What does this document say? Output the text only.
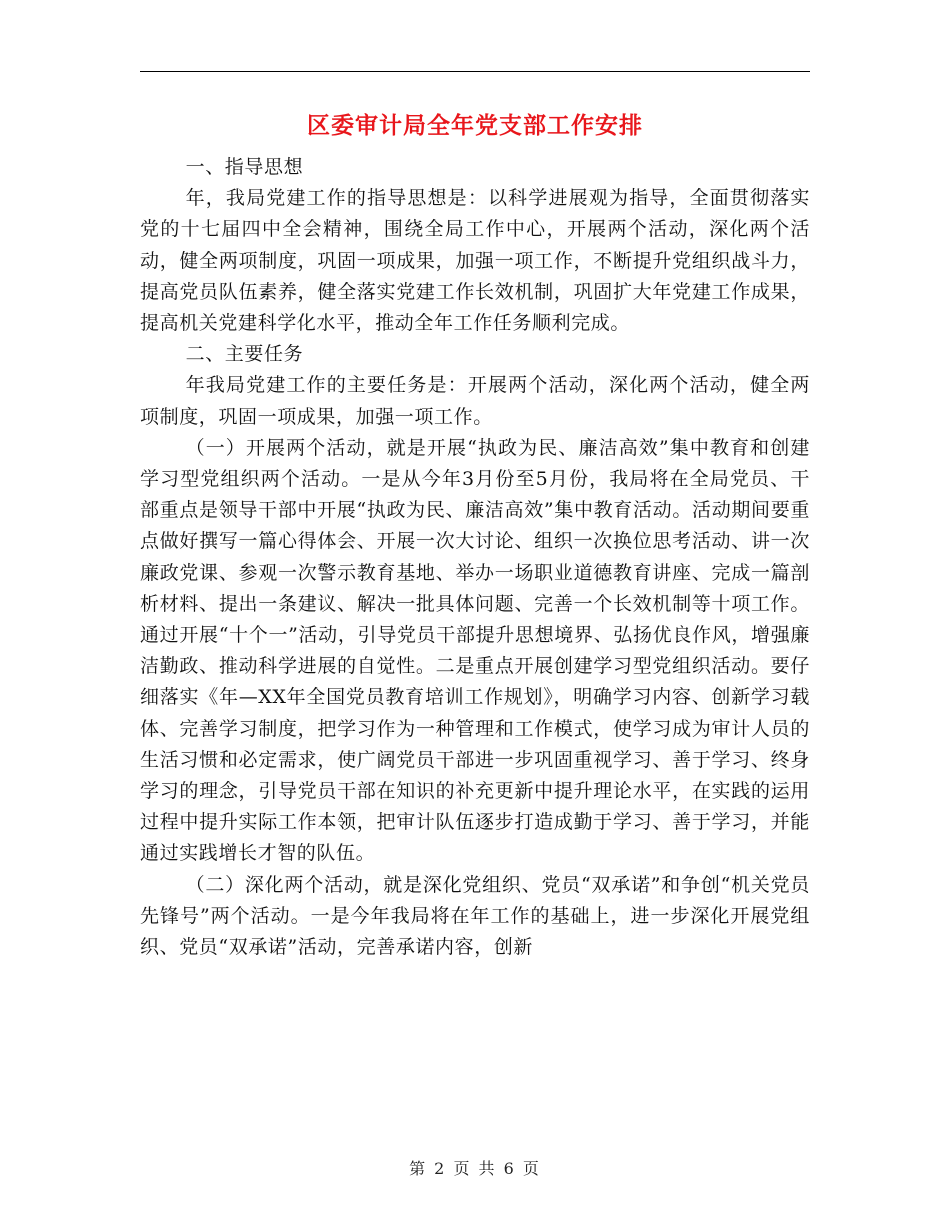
区委审计局全年党支部工作安排

一、指导思想

年，我局党建工作的指导思想是：以科学进展观为指导，全面贯彻落实党的十七届四中全会精神，围绕全局工作中心，开展两个活动，深化两个活动，健全两项制度，巩固一项成果，加强一项工作，不断提升党组织战斗力，提高党员队伍素养，健全落实党建工作长效机制，巩固扩大年党建工作成果，提高机关党建科学化水平，推动全年工作任务顺利完成。

二、主要任务

年我局党建工作的主要任务是：开展两个活动，深化两个活动，健全两项制度，巩固一项成果，加强一项工作。

（一）开展两个活动，就是开展“执政为民、廉洁高效”集中教育和创建学习型党组织两个活动。一是从今年3月份至5月份，我局将在全局党员、干部重点是领导干部中开展“执政为民、廉洁高效”集中教育活动。活动期间要重点做好撰写一篇心得体会、开展一次大讨论、组织一次换位思考活动、讲一次廉政党课、参观一次警示教育基地、举办一场职业道德教育讲座、完成一篇剖析材料、提出一条建议、解决一批具体问题、完善一个长效机制等十项工作。通过开展“十个一”活动，引导党员干部提升思想境界、弘扬优良作风，增强廉洁勤政、推动科学进展的自觉性。二是重点开展创建学习型党组织活动。要仔细落实《年—XX年全国党员教育培训工作规划》，明确学习内容、创新学习载体、完善学习制度，把学习作为一种管理和工作模式，使学习成为审计人员的生活习惯和必定需求，使广阔党员干部进一步巩固重视学习、善于学习、终身学习的理念，引导党员干部在知识的补充更新中提升理论水平，在实践的运用过程中提升实际工作本领，把审计队伍逐步打造成勤于学习、善于学习，并能通过实践增长才智的队伍。

（二）深化两个活动，就是深化党组织、党员“双承诺”和争创“机关党员先锋号”两个活动。一是今年我局将在年工作的基础上，进一步深化开展党组织、党员“双承诺”活动，完善承诺内容，创新

第 2 页 共 6 页
